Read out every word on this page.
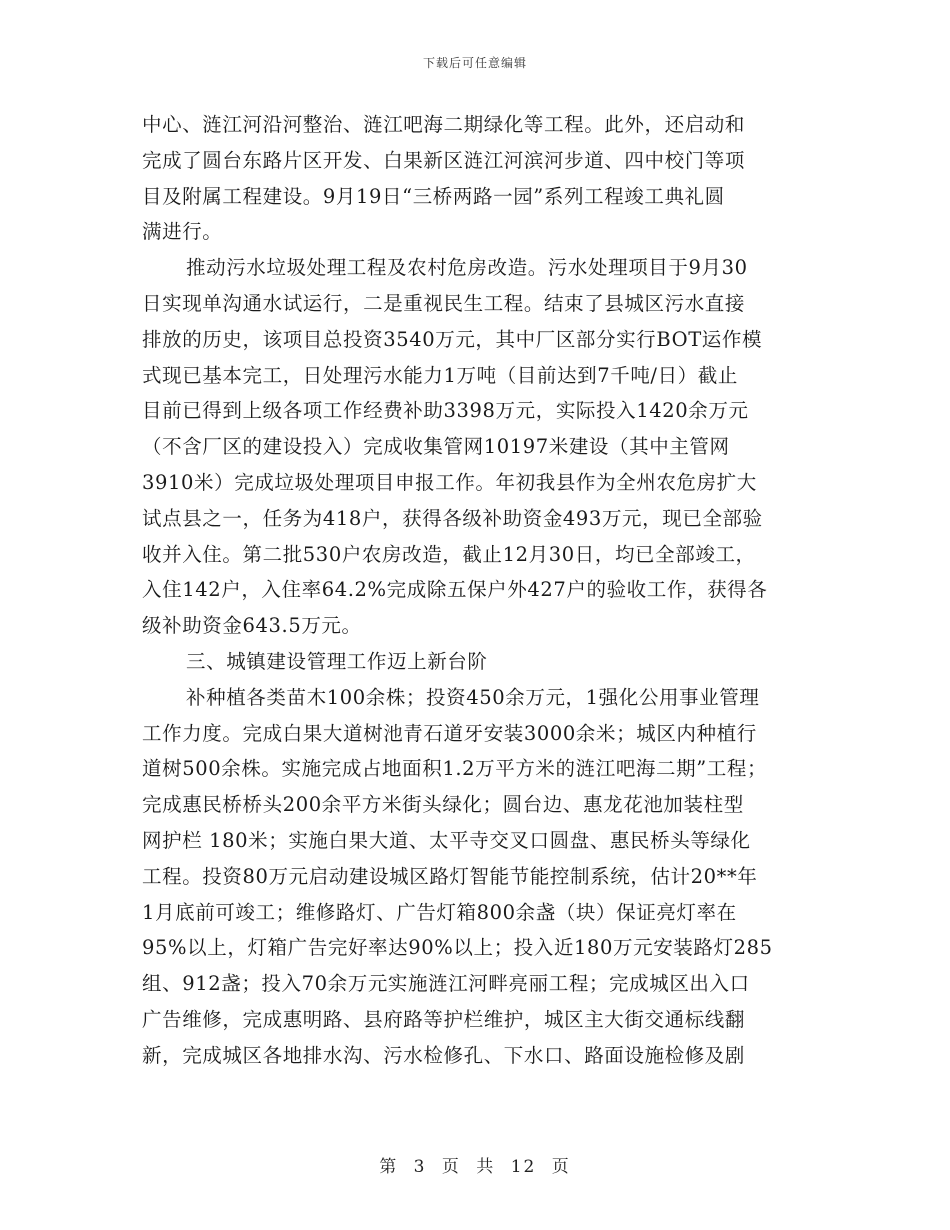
下载后可任意编辑
中心、涟江河沿河整治、涟江吧海二期绿化等工程。此外，还启动和
完成了圆台东路片区开发、白果新区涟江河滨河步道、四中校门等项
目及附属工程建设。9月19日“三桥两路一园”系列工程竣工典礼圆
满进行。
推动污水垃圾处理工程及农村危房改造。污水处理项目于9月30
日实现单沟通水试运行，二是重视民生工程。结束了县城区污水直接
排放的历史，该项目总投资3540万元，其中厂区部分实行BOT运作模
式现已基本完工，日处理污水能力1万吨（目前达到7千吨/日）截止
目前已得到上级各项工作经费补助3398万元，实际投入1420余万元
（不含厂区的建设投入）完成收集管网10197米建设（其中主管网
3910米）完成垃圾处理项目申报工作。年初我县作为全州农危房扩大
试点县之一，任务为418户，获得各级补助资金493万元，现已全部验
收并入住。第二批530户农房改造，截止12月30日，均已全部竣工，
入住142户，入住率64.2%完成除五保户外427户的验收工作，获得各
级补助资金643.5万元。
三、城镇建设管理工作迈上新台阶
补种植各类苗木100余株；投资450余万元，1强化公用事业管理
工作力度。完成白果大道树池青石道牙安装3000余米；城区内种植行
道树500余株。实施完成占地面积1.2万平方米的涟江吧海二期”工程；
完成惠民桥桥头200余平方米街头绿化；圆台边、惠龙花池加装柱型
网护栏 180米；实施白果大道、太平寺交叉口圆盘、惠民桥头等绿化
工程。投资80万元启动建设城区路灯智能节能控制系统，估计20**年
1月底前可竣工；维修路灯、广告灯箱800余盏（块）保证亮灯率在
95%以上，灯箱广告完好率达90%以上；投入近180万元安装路灯285
组、912盏；投入70余万元实施涟江河畔亮丽工程；完成城区出入口
广告维修，完成惠明路、县府路等护栏维护，城区主大街交通标线翻
新，完成城区各地排水沟、污水检修孔、下水口、路面设施检修及剧
第 3 页 共 12 页
